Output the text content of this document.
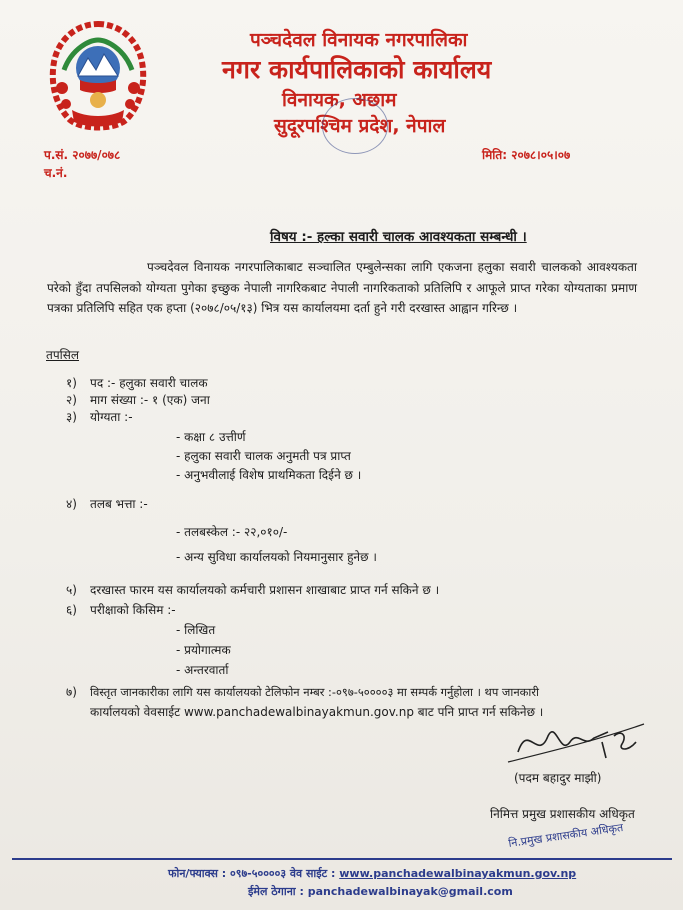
पञ्चदेवल विनायक नगरपालिका
नगर कार्यपालिकाको कार्यालय
विनायक, अछाम
सुदूरपश्चिम प्रदेश, नेपाल
प.सं. २०७७/०७८
च.नं.
मिति: २०७८।०५।०७
विषय :- हल्का सवारी चालक आवश्यकता सम्बन्धी ।
पञ्चदेवल विनायक नगरपालिकाबाट सञ्चालित एम्बुलेन्सका लागि एकजना हलुका सवारी चालकको आवश्यकता परेको हुँदा तपसिलको योग्यता पुगेका इच्छुक नेपाली नागरिकबाट नेपाली नागरिकताको प्रतिलिपि र आफूले प्राप्त गरेका योग्यताका प्रमाण पत्रका प्रतिलिपि सहित एक हप्ता (२०७८/०५/१३) भित्र यस कार्यालयमा दर्ता हुने गरी दरखास्त आह्वान गरिन्छ ।
तपसिल
१) पद :- हलुका सवारी चालक
२) माग संख्या :- १ (एक) जना
३) योग्यता :-
- कक्षा ८ उत्तीर्ण
- हलुका सवारी चालक अनुमती पत्र प्राप्त
- अनुभवीलाई विशेष प्राथमिकता दिईने छ ।
४) तलब भत्ता :-
- तलबस्केल :- २२,०१०/-
- अन्य सुविधा कार्यालयको नियमानुसार हुनेछ ।
५) दरखास्त फारम यस कार्यालयको कर्मचारी प्रशासन शाखाबाट प्राप्त गर्न सकिने छ ।
६) परीक्षाको किसिम :-
- लिखित
- प्रयोगात्मक
- अन्तरवार्ता
७) विस्तृत जानकारीका लागि यस कार्यालयको टेलिफोन नम्बर :-०९७-५००००३ मा सम्पर्क गर्नुहोला । थप जानकारी
कार्यालयको वेवसाईट www.panchadewalbinayakmun.gov.np बाट पनि प्राप्त गर्न सकिनेछ ।
(पदम बहादुर माझी)
निमित्त प्रमुख प्रशासकीय अधिकृत
नि.प्रमुख प्रशासकीय अधिकृत
फोन/फ्याक्स : ०९७-५००००३ वेव साईट : www.panchadewalbinayakmun.gov.np
ईमेल ठेगाना : panchadewalbinayak@gmail.com
